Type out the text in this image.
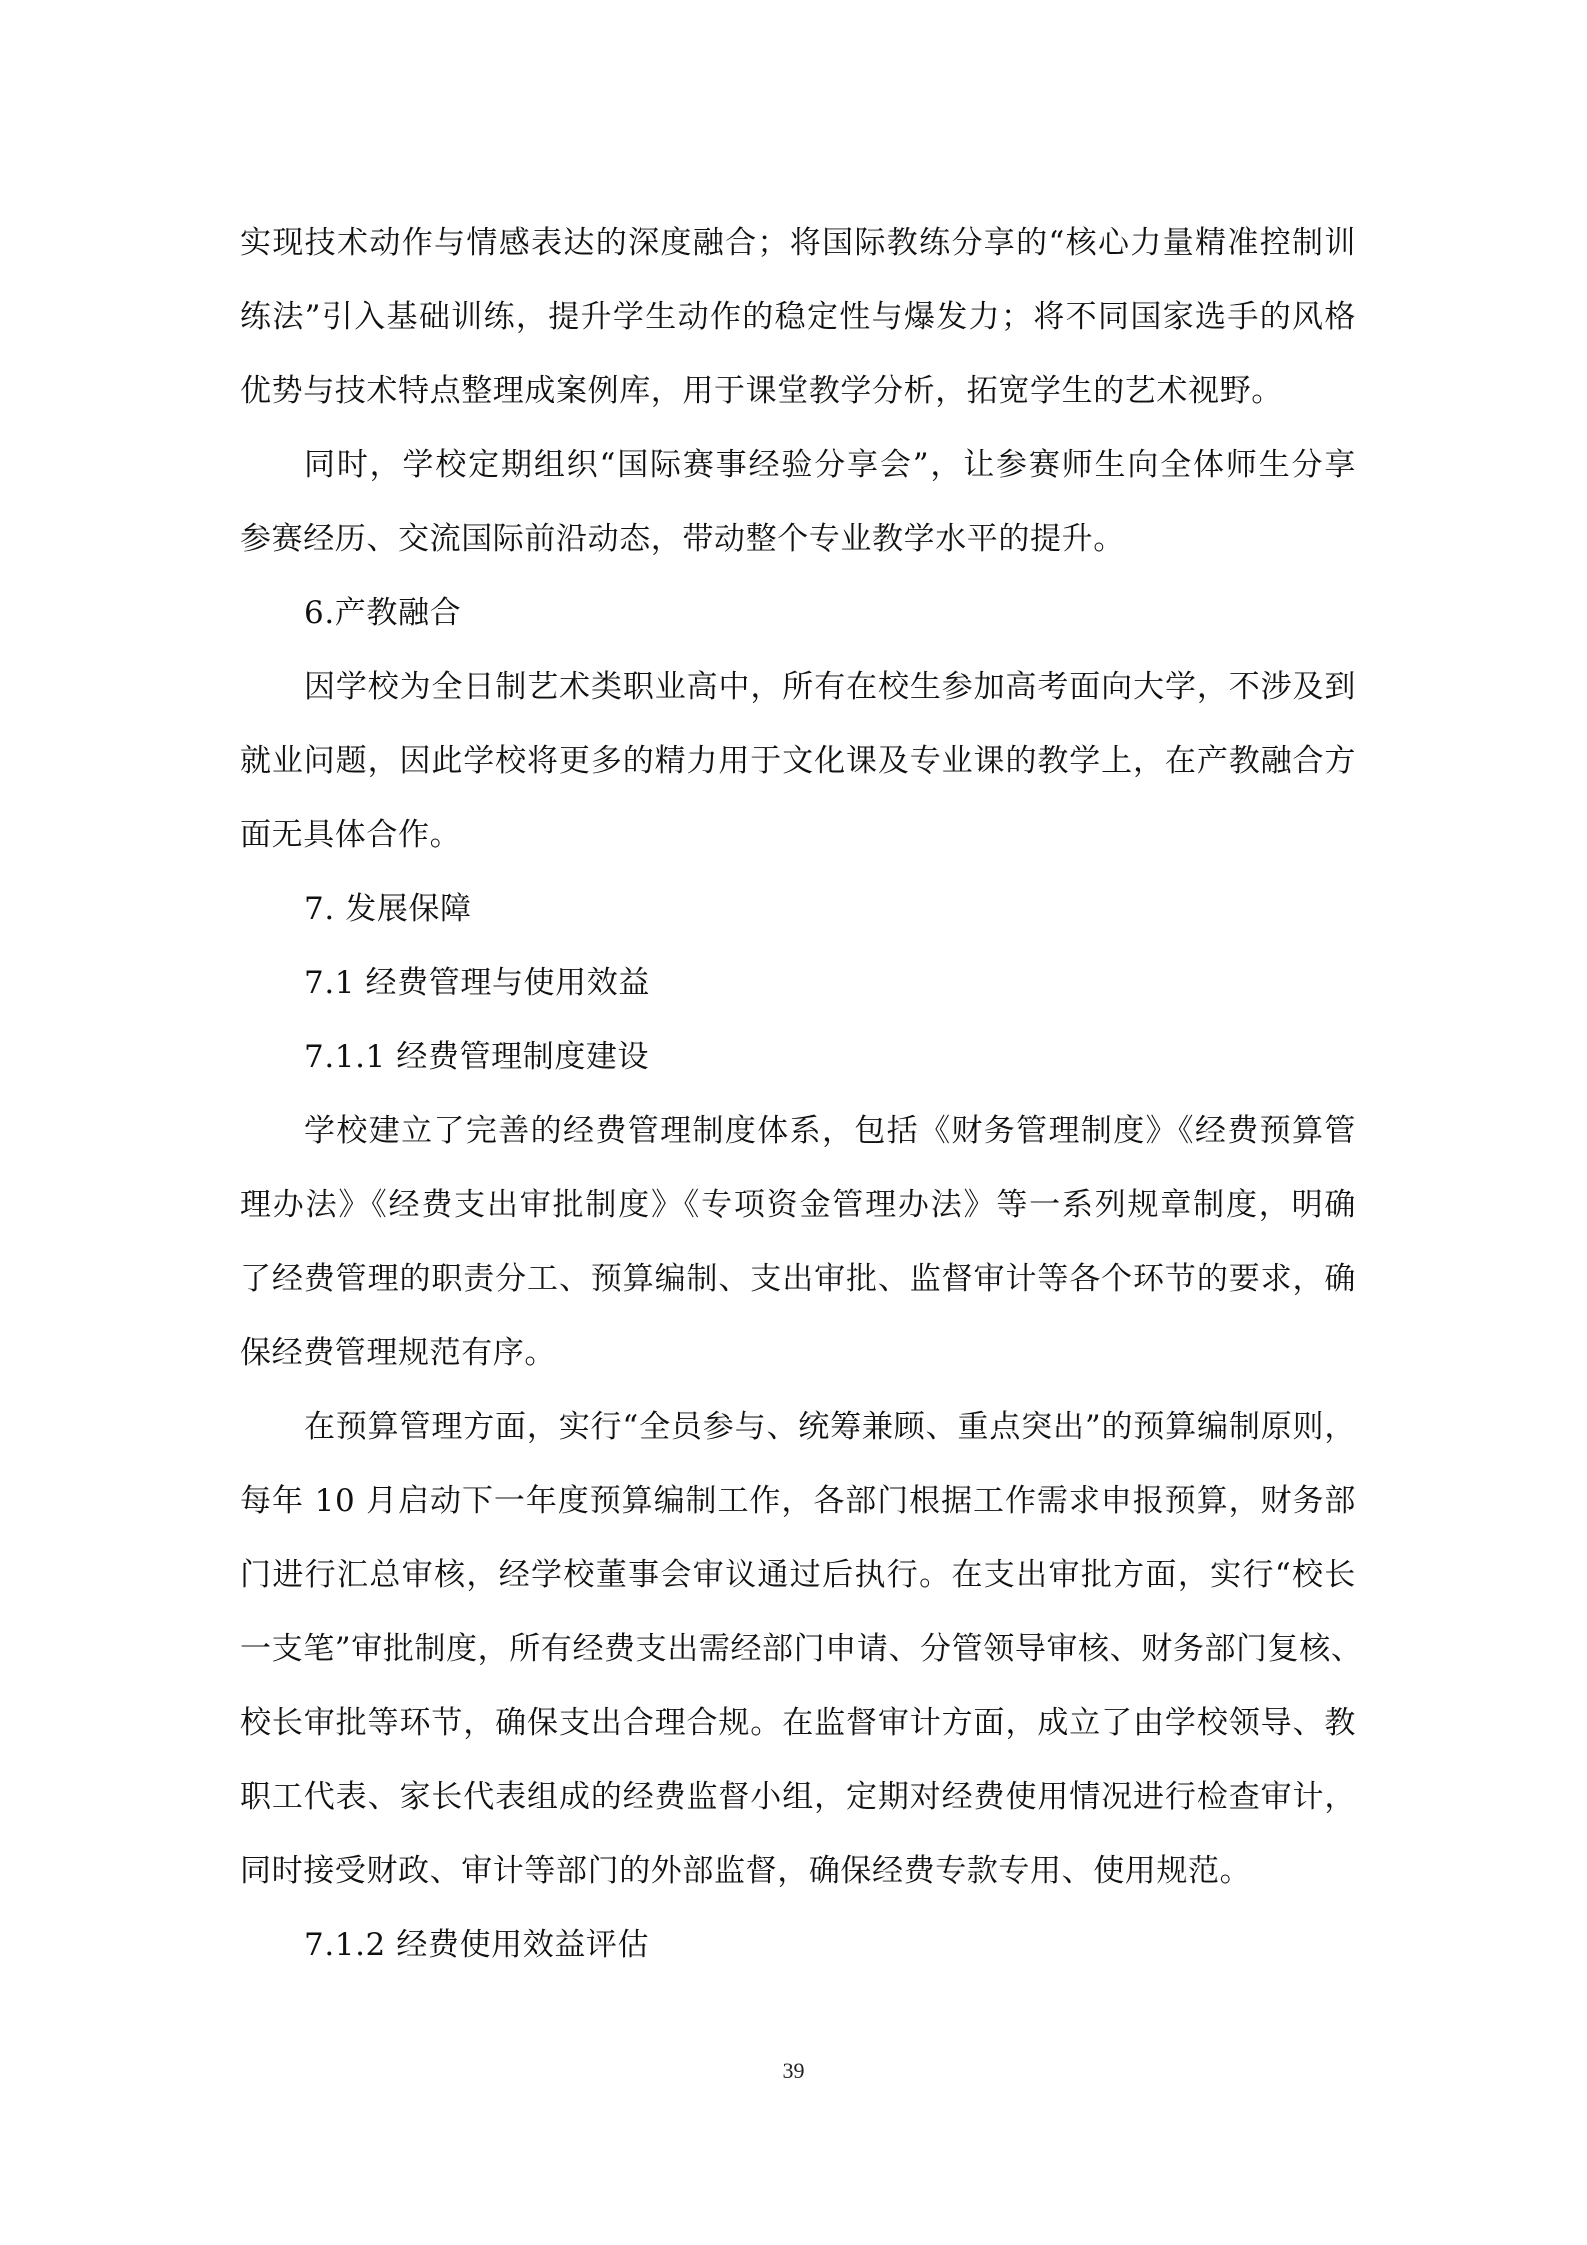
实现技术动作与情感表达的深度融合；将国际教练分享的“核心力量精准控制训
练法”引入基础训练，提升学生动作的稳定性与爆发力；将不同国家选手的风格
优势与技术特点整理成案例库，用于课堂教学分析，拓宽学生的艺术视野。
同时，学校定期组织“国际赛事经验分享会”，让参赛师生向全体师生分享
参赛经历、交流国际前沿动态，带动整个专业教学水平的提升。
6.产教融合
因学校为全日制艺术类职业高中，所有在校生参加高考面向大学，不涉及到
就业问题，因此学校将更多的精力用于文化课及专业课的教学上，在产教融合方
面无具体合作。
7. 发展保障
7.1 经费管理与使用效益
7.1.1 经费管理制度建设
学校建立了完善的经费管理制度体系，包括《财务管理制度》《经费预算管
理办法》《经费支出审批制度》《专项资金管理办法》等一系列规章制度，明确
了经费管理的职责分工、预算编制、支出审批、监督审计等各个环节的要求，确
保经费管理规范有序。
在预算管理方面，实行“全员参与、统筹兼顾、重点突出”的预算编制原则，
每年 10 月启动下一年度预算编制工作，各部门根据工作需求申报预算，财务部
门进行汇总审核，经学校董事会审议通过后执行。在支出审批方面，实行“校长
一支笔”审批制度，所有经费支出需经部门申请、分管领导审核、财务部门复核、
校长审批等环节，确保支出合理合规。在监督审计方面，成立了由学校领导、教
职工代表、家长代表组成的经费监督小组，定期对经费使用情况进行检查审计，
同时接受财政、审计等部门的外部监督，确保经费专款专用、使用规范。
7.1.2 经费使用效益评估
39
